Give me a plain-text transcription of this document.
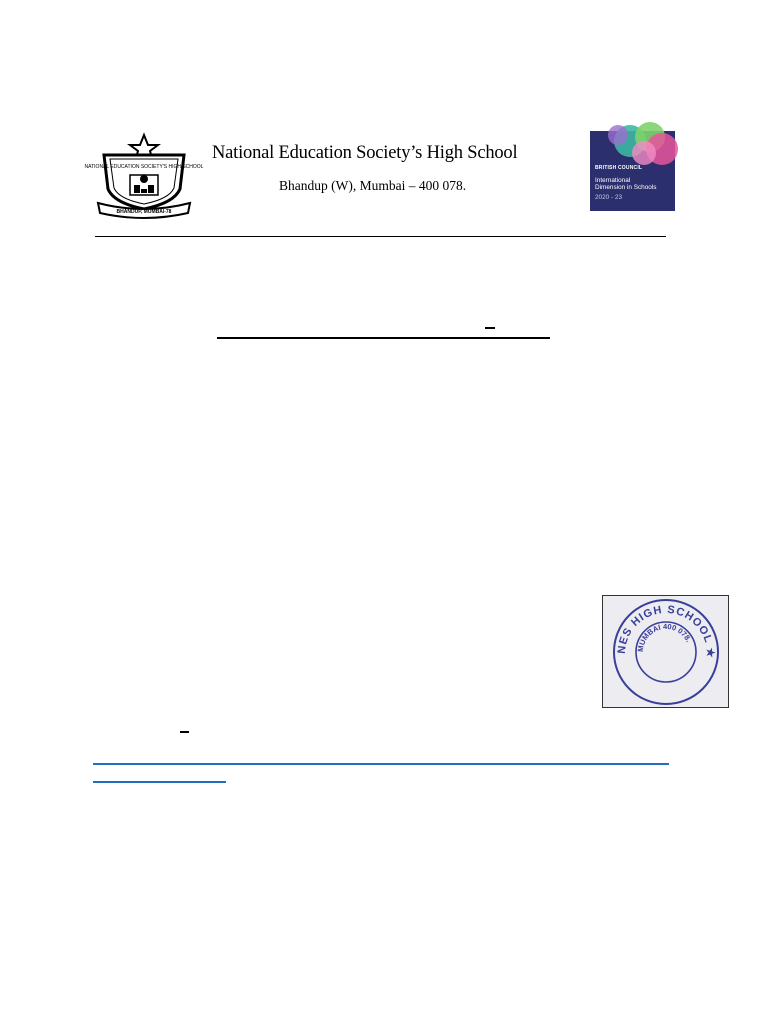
NATIONAL EDUCATION SOCIETY'S HIGH SCHOOL
BHANDUP, MUMBAI-78
National Education Society’s High School
Bhandup (W), Mumbai – 400 078.
BRITISH COUNCIL
International
Dimension in Schools
2020 - 23
NES HIGH SCHOOL ★
MUMBAI 400 078.
